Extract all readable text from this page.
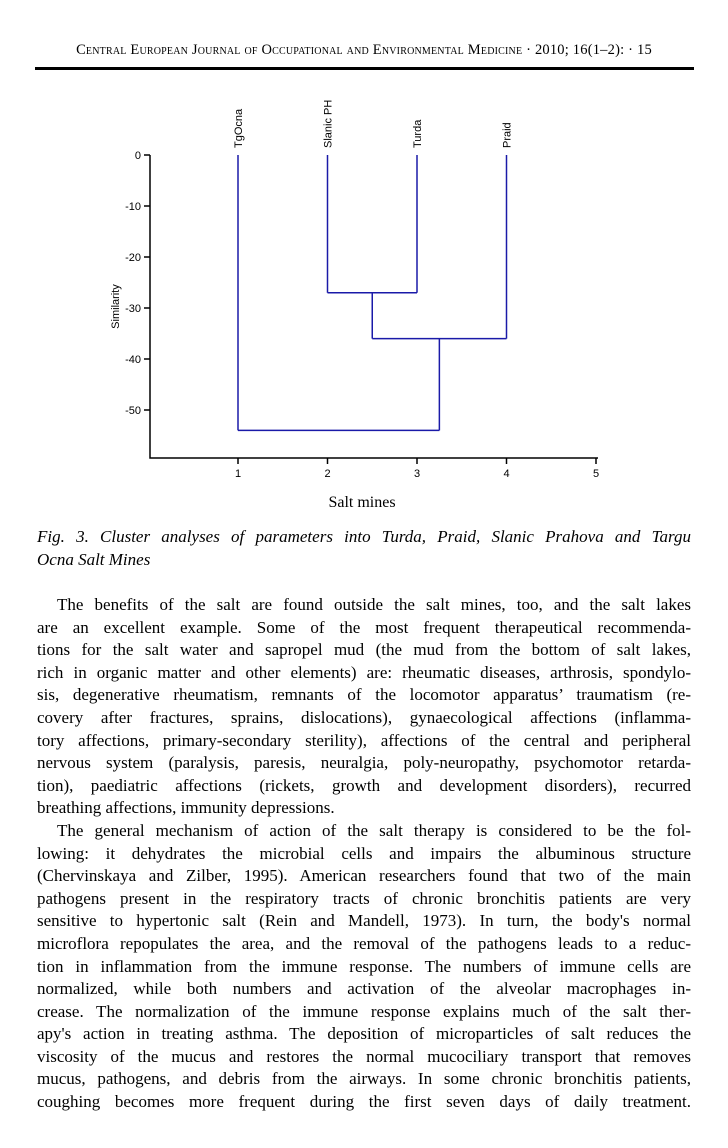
Central European Journal of Occupational and Environmental Medicine · 2010; 16(1–2): · 15
0
-10
-20
-30
-40
-50
1	2	3	4	5
Salt mines
Similarity
TgOcna	Slanic PH	Turda	Praid
Fig. 3. Cluster analyses of parameters into Turda, Praid, Slanic Prahova and Targu
Ocna Salt Mines
The benefits of the salt are found outside the salt mines, too, and the salt lakes
are an excellent example. Some of the most frequent therapeutical recommenda-
tions for the salt water and sapropel mud (the mud from the bottom of salt lakes,
rich in organic matter and other elements) are: rheumatic diseases, arthrosis, spondylo-
sis, degenerative rheumatism, remnants of the locomotor apparatus’ traumatism (re-
covery after fractures, sprains, dislocations), gynaecological affections (inflamma-
tory affections, primary-secondary sterility), affections of the central and peripheral
nervous system (paralysis, paresis, neuralgia, poly-neuropathy, psychomotor retarda-
tion), paediatric affections (rickets, growth and development disorders), recurred
breathing affections, immunity depressions.
The general mechanism of action of the salt therapy is considered to be the fol-
lowing: it dehydrates the microbial cells and impairs the albuminous structure
(Chervinskaya and Zilber, 1995). American researchers found that two of the main
pathogens present in the respiratory tracts of chronic bronchitis patients are very
sensitive to hypertonic salt (Rein and Mandell, 1973). In turn, the body's normal
microflora repopulates the area, and the removal of the pathogens leads to a reduc-
tion in inflammation from the immune response. The numbers of immune cells are
normalized, while both numbers and activation of the alveolar macrophages in-
crease. The normalization of the immune response explains much of the salt ther-
apy's action in treating asthma. The deposition of microparticles of salt reduces the
viscosity of the mucus and restores the normal mucociliary transport that removes
mucus, pathogens, and debris from the airways. In some chronic bronchitis patients,
coughing becomes more frequent during the first seven days of daily treatment.
